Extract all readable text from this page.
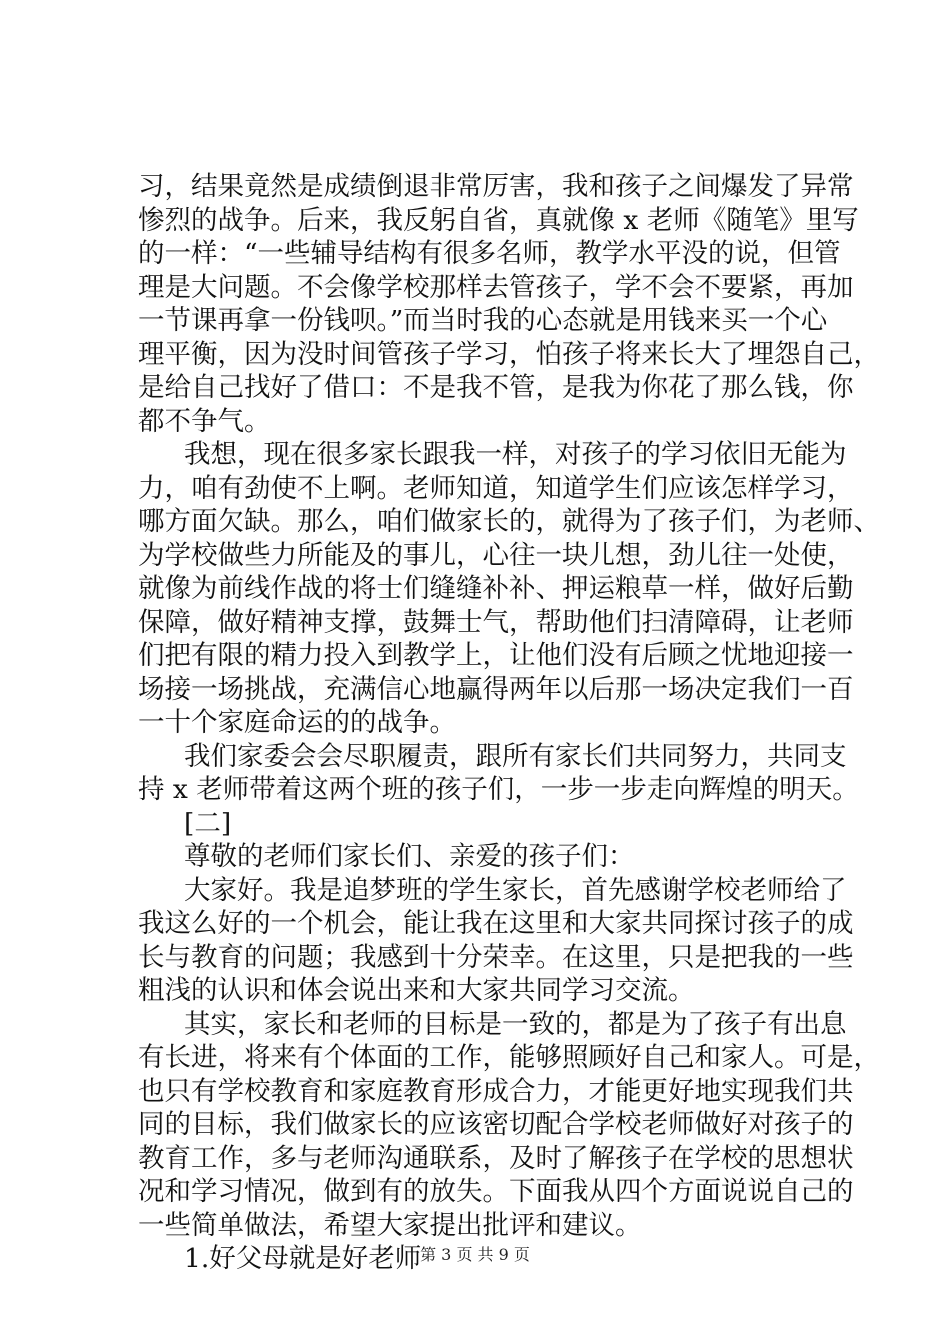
习，结果竟然是成绩倒退非常厉害，我和孩子之间爆发了异常
惨烈的战争。后来，我反躬自省，真就像 x 老师《随笔》里写
的一样：“一些辅导结构有很多名师，教学水平没的说，但管
理是大问题。不会像学校那样去管孩子，学不会不要紧，再加
一节课再拿一份钱呗。”而当时我的心态就是用钱来买一个心
理平衡，因为没时间管孩子学习，怕孩子将来长大了埋怨自己，
是给自己找好了借口：不是我不管，是我为你花了那么钱，你
都不争气。
我想，现在很多家长跟我一样，对孩子的学习依旧无能为
力，咱有劲使不上啊。老师知道，知道学生们应该怎样学习，
哪方面欠缺。那么，咱们做家长的，就得为了孩子们，为老师、
为学校做些力所能及的事儿，心往一块儿想，劲儿往一处使，
就像为前线作战的将士们缝缝补补、押运粮草一样，做好后勤
保障，做好精神支撑，鼓舞士气，帮助他们扫清障碍，让老师
们把有限的精力投入到教学上，让他们没有后顾之忧地迎接一
场接一场挑战，充满信心地赢得两年以后那一场决定我们一百
一十个家庭命运的的战争。
我们家委会会尽职履责，跟所有家长们共同努力，共同支
持 x 老师带着这两个班的孩子们，一步一步走向辉煌的明天。
[二]
尊敬的老师们家长们、亲爱的孩子们：
大家好。我是追梦班的学生家长，首先感谢学校老师给了
我这么好的一个机会，能让我在这里和大家共同探讨孩子的成
长与教育的问题；我感到十分荣幸。在这里，只是把我的一些
粗浅的认识和体会说出来和大家共同学习交流。
其实，家长和老师的目标是一致的，都是为了孩子有出息
有长进，将来有个体面的工作，能够照顾好自己和家人。可是，
也只有学校教育和家庭教育形成合力，才能更好地实现我们共
同的目标，我们做家长的应该密切配合学校老师做好对孩子的
教育工作，多与老师沟通联系，及时了解孩子在学校的思想状
况和学习情况，做到有的放失。下面我从四个方面说说自己的
一些简单做法，希望大家提出批评和建议。
1.好父母就是好老师
第 3 页 共 9 页
